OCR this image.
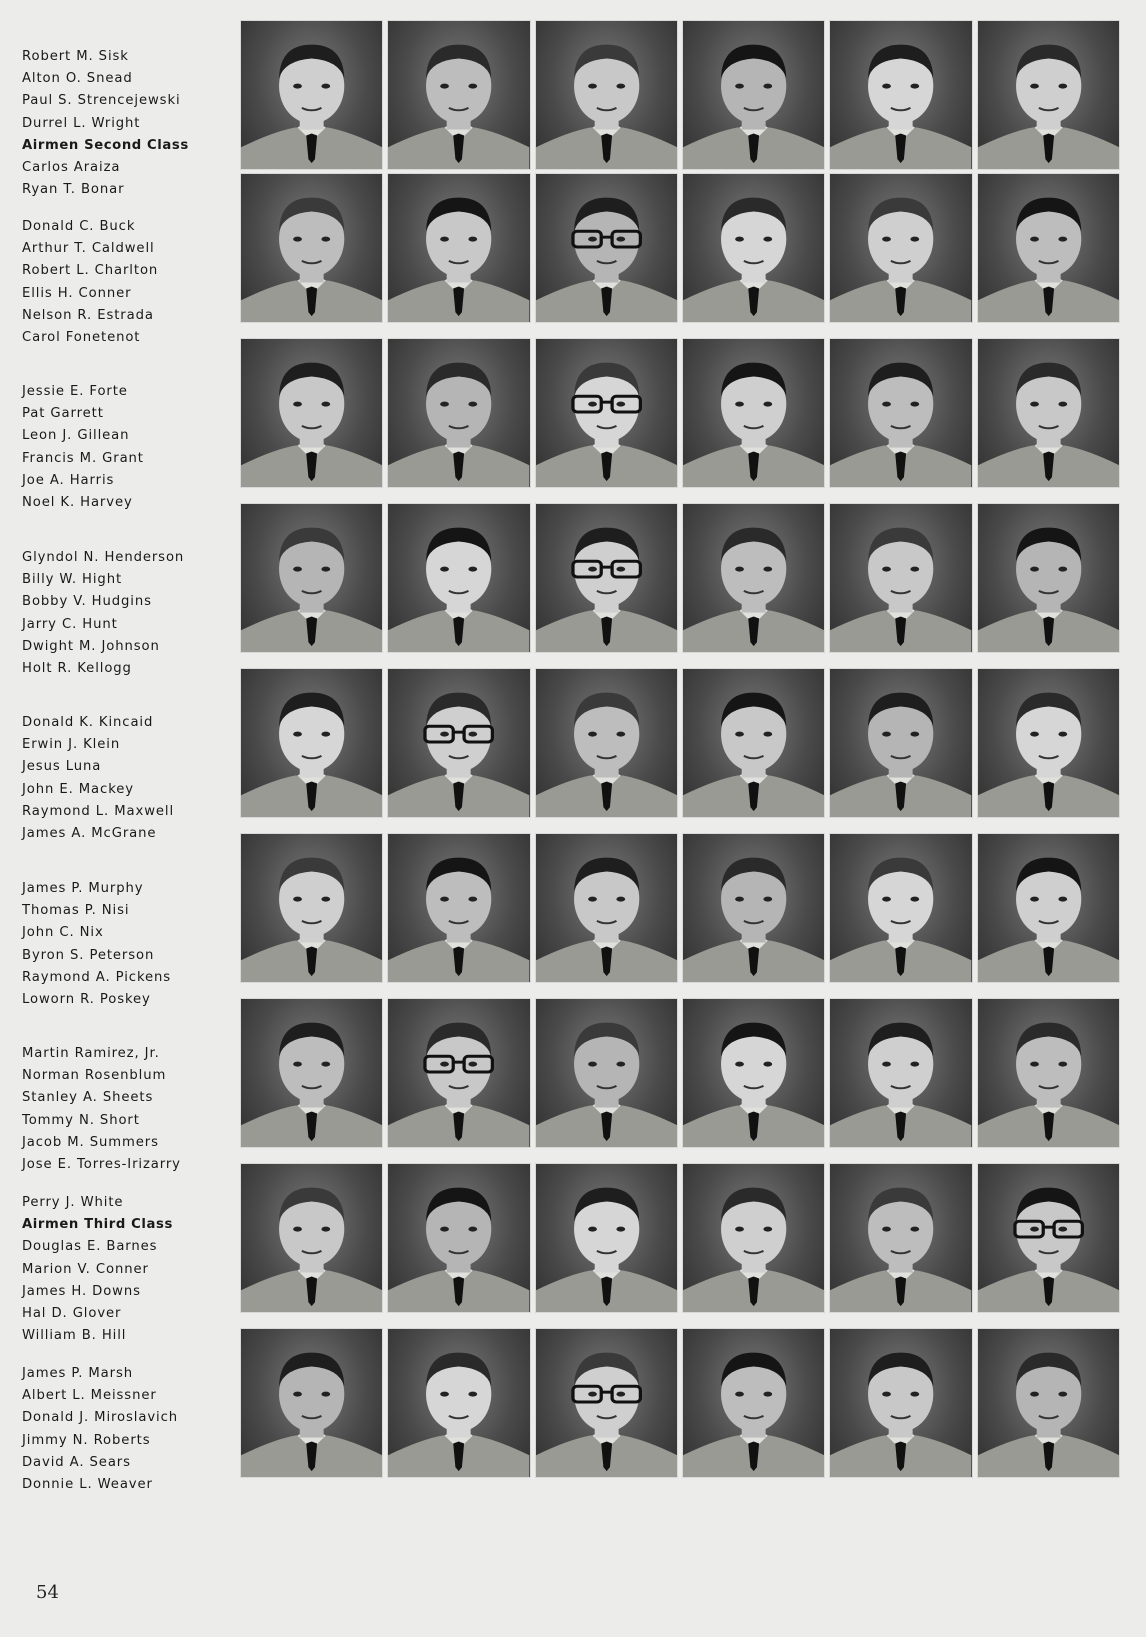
Robert M. Sisk
Alton O. Snead
Paul S. Strencejewski
Durrel L. Wright
Airmen Second Class
Carlos Araiza
Ryan T. Bonar
Donald C. Buck
Arthur T. Caldwell
Robert L. Charlton
Ellis H. Conner
Nelson R. Estrada
Carol Fonetenot
Jessie E. Forte
Pat Garrett
Leon J. Gillean
Francis M. Grant
Joe A. Harris
Noel K. Harvey
Glyndol N. Henderson
Billy W. Hight
Bobby V. Hudgins
Jarry C. Hunt
Dwight M. Johnson
Holt R. Kellogg
Donald K. Kincaid
Erwin J. Klein
Jesus Luna
John E. Mackey
Raymond L. Maxwell
James A. McGrane
James P. Murphy
Thomas P. Nisi
John C. Nix
Byron S. Peterson
Raymond A. Pickens
Loworn R. Poskey
Martin Ramirez, Jr.
Norman Rosenblum
Stanley A. Sheets
Tommy N. Short
Jacob M. Summers
Jose E. Torres-Irizarry
Perry J. White
Airmen Third Class
Douglas E. Barnes
Marion V. Conner
James H. Downs
Hal D. Glover
William B. Hill
James P. Marsh
Albert L. Meissner
Donald J. Miroslavich
Jimmy N. Roberts
David A. Sears
Donnie L. Weaver
54
